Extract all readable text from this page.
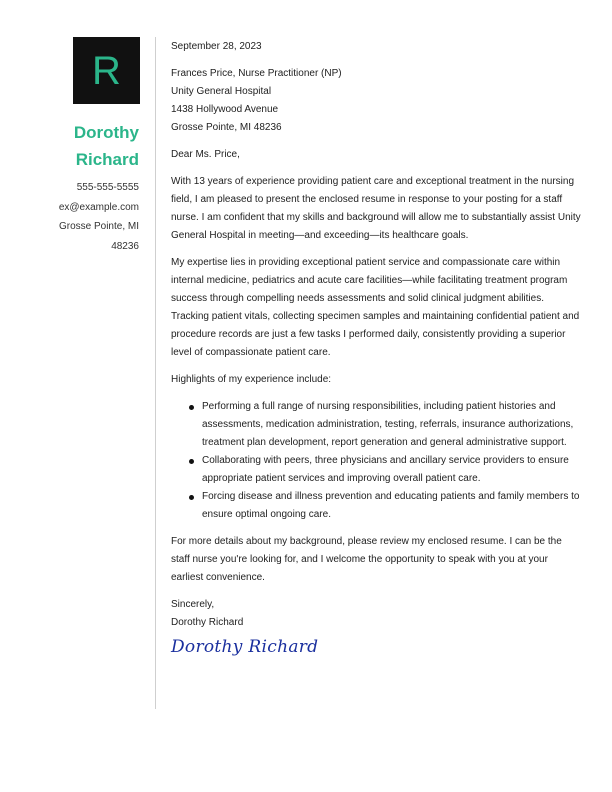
R
Dorothy
Richard
555-555-5555
ex@example.com
Grosse Pointe, MI 48236

September 28, 2023

Frances Price, Nurse Practitioner (NP)
Unity General Hospital
1438 Hollywood Avenue
Grosse Pointe, MI 48236

Dear Ms. Price,

With 13 years of experience providing patient care and exceptional treatment in the nursing field, I am pleased to present the enclosed resume in response to your posting for a staff nurse. I am confident that my skills and background will allow me to substantially assist Unity General Hospital in meeting—and exceeding—its healthcare goals.

My expertise lies in providing exceptional patient service and compassionate care within internal medicine, pediatrics and acute care facilities—while facilitating treatment program success through compelling needs assessments and solid clinical judgment abilities. Tracking patient vitals, collecting specimen samples and maintaining confidential patient and procedure records are just a few tasks I performed daily, consistently providing a superior level of compassionate patient care.

Highlights of my experience include:

Performing a full range of nursing responsibilities, including patient histories and assessments, medication administration, testing, referrals, insurance authorizations, treatment plan development, report generation and general administrative support.
Collaborating with peers, three physicians and ancillary service providers to ensure appropriate patient services and improving overall patient care.
Forcing disease and illness prevention and educating patients and family members to ensure optimal ongoing care.

For more details about my background, please review my enclosed resume. I can be the staff nurse you're looking for, and I welcome the opportunity to speak with you at your earliest convenience.

Sincerely,
Dorothy Richard
Dorothy Richard
